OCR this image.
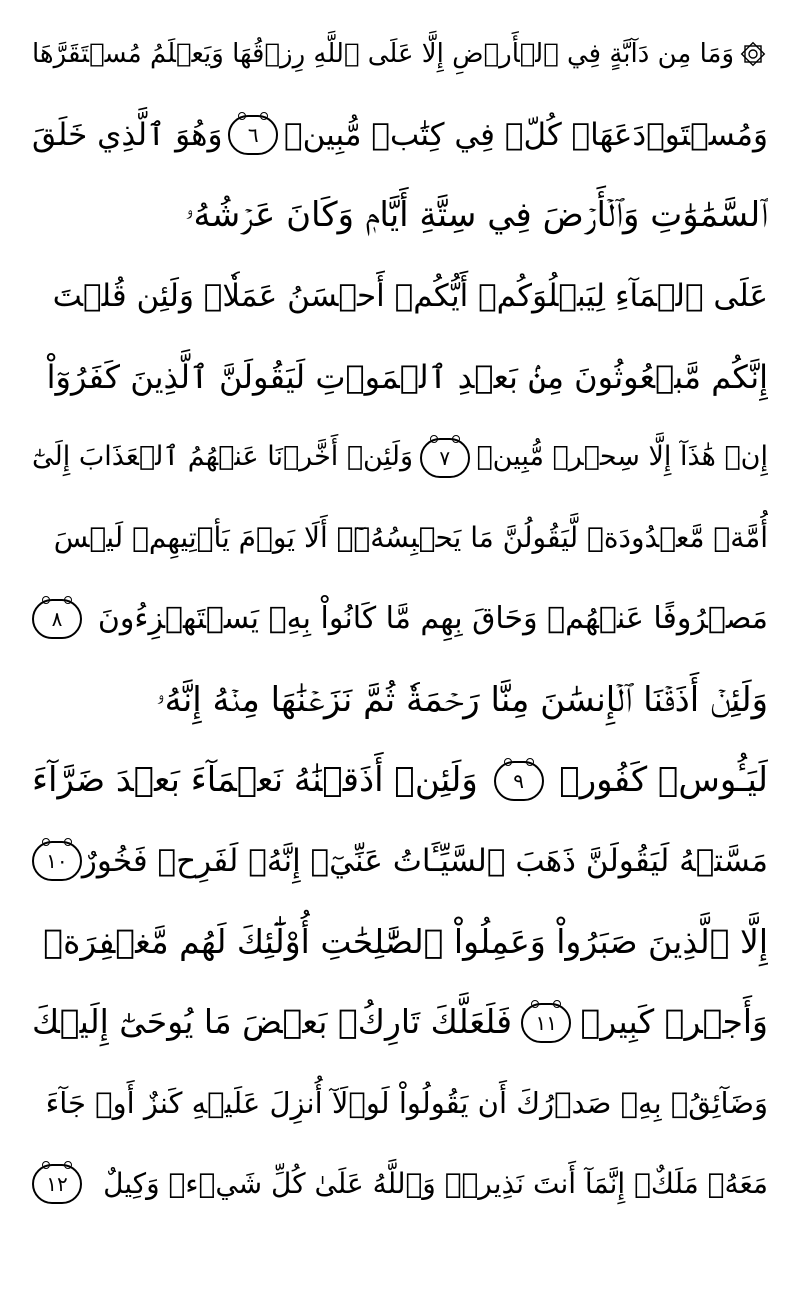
وَمَا مِن دَآبَّةٍ فِي ٱلۡأَرۡضِ إِلَّا عَلَى ٱللَّهِ رِزۡقُهَا وَيَعۡلَمُ مُسۡتَقَرَّهَا
وَمُسۡتَوۡدَعَهَاۚ كُلّٞ فِي كِتَٰبٖ مُّبِينٖ
٦
وَهُوَ ٱلَّذِي خَلَقَ
ٱلسَّمَٰوَٰتِ وَٱلۡأَرۡضَ فِي سِتَّةِ أَيَّامٖ وَكَانَ عَرۡشُهُۥ
عَلَى ٱلۡمَآءِ لِيَبۡلُوَكُمۡ أَيُّكُمۡ أَحۡسَنُ عَمَلٗاۗ وَلَئِن قُلۡتَ
إِنَّكُم مَّبۡعُوثُونَ مِنۢ بَعۡدِ ٱلۡمَوۡتِ لَيَقُولَنَّ ٱلَّذِينَ كَفَرُوٓاْ
إِنۡ هَٰذَآ إِلَّا سِحۡرٞ مُّبِينٞ
٧
وَلَئِنۡ أَخَّرۡنَا عَنۡهُمُ ٱلۡعَذَابَ إِلَىٰٓ
أُمَّةٖ مَّعۡدُودَةٖ لَّيَقُولُنَّ مَا يَحۡبِسُهُۥٓۗ أَلَا يَوۡمَ يَأۡتِيهِمۡ لَيۡسَ
مَصۡرُوفًا عَنۡهُمۡ وَحَاقَ بِهِم مَّا كَانُواْ بِهِۦ يَسۡتَهۡزِءُونَ
٨
وَلَئِنۡ أَذَقۡنَا ٱلۡإِنسَٰنَ مِنَّا رَحۡمَةٗ ثُمَّ نَزَعۡنَٰهَا مِنۡهُ إِنَّهُۥ
لَيَـُٔوسٞ كَفُورٞ
٩
وَلَئِنۡ أَذَقۡنَٰهُ نَعۡمَآءَ بَعۡدَ ضَرَّآءَ
مَسَّتۡهُ لَيَقُولَنَّ ذَهَبَ ٱلسَّيِّـَٔاتُ عَنِّيٓۚ إِنَّهُۥ لَفَرِحٞ فَخُورٌ
١٠
إِلَّا ٱلَّذِينَ صَبَرُواْ وَعَمِلُواْ ٱلصَّٰلِحَٰتِ أُوْلَٰٓئِكَ لَهُم مَّغۡفِرَةٞ
وَأَجۡرٞ كَبِيرٞ
١١
فَلَعَلَّكَ تَارِكُۢ بَعۡضَ مَا يُوحَىٰٓ إِلَيۡكَ
وَضَآئِقُۢ بِهِۦ صَدۡرُكَ أَن يَقُولُواْ لَوۡلَآ أُنزِلَ عَلَيۡهِ كَنزٌ أَوۡ جَآءَ
مَعَهُۥ مَلَكٌۚ إِنَّمَآ أَنتَ نَذِيرٞۚ وَٱللَّهُ عَلَىٰ كُلِّ شَيۡءٖ وَكِيلٌ
١٢
